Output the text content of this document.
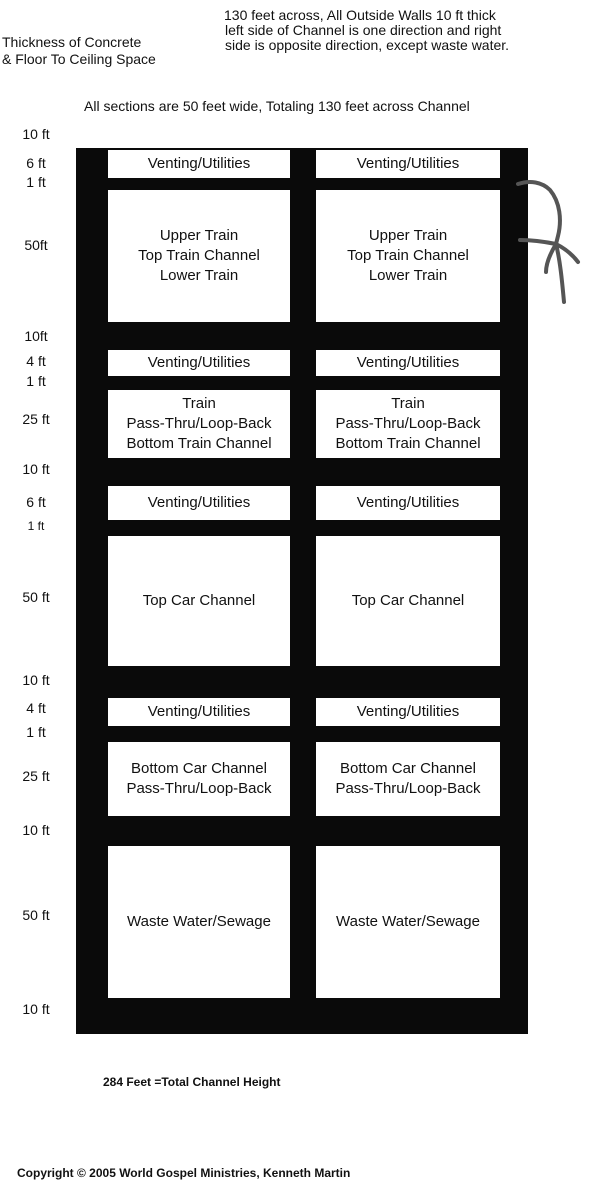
Thickness of Concrete
& Floor To Ceiling Space
130 feet across, All Outside Walls 10 ft thick
left side of Channel is one direction and right
side is opposite direction, except waste water.
All sections are 50 feet wide, Totaling 130 feet across Channel
10 ft
6 ft
1 ft
50ft
10ft
4 ft
1 ft
25 ft
10 ft
6 ft
1 ft
50 ft
10 ft
4 ft
1 ft
25 ft
10 ft
50 ft
10 ft
Venting/Utilities
Upper Train
Top Train Channel
Lower Train
Venting/Utilities
Train
Pass-Thru/Loop-Back
Bottom Train Channel
Venting/Utilities
Top Car Channel
Venting/Utilities
Bottom Car Channel
Pass-Thru/Loop-Back
Waste Water/Sewage
Venting/Utilities
Upper Train
Top Train Channel
Lower Train
Venting/Utilities
Train
Pass-Thru/Loop-Back
Bottom Train Channel
Venting/Utilities
Top Car Channel
Venting/Utilities
Bottom Car Channel
Pass-Thru/Loop-Back
Waste Water/Sewage
284 Feet =Total Channel Height
Copyright © 2005 World Gospel Ministries, Kenneth Martin
